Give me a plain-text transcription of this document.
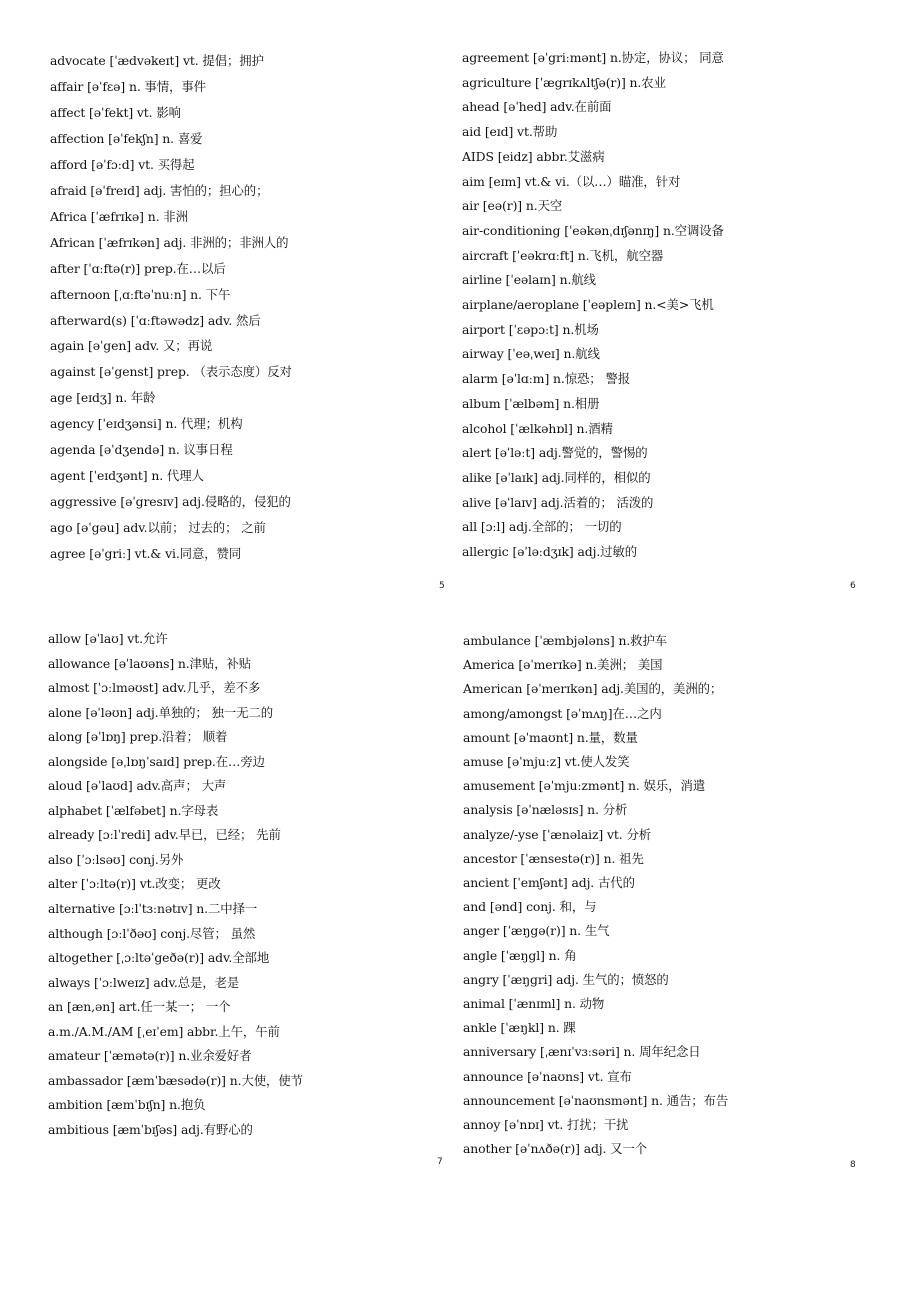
advocate [ˈædvəkeɪt] vt. 提倡；拥护
affair [əˈfɛə] n. 事情，事件
affect [əˈfekt] vt. 影响
affection [əˈfekʃn] n. 喜爱
afford [əˈfɔːd] vt. 买得起
afraid [əˈfreɪd] adj. 害怕的；担心的；
Africa [ˈæfrɪkə] n. 非洲
African [ˈæfrɪkən] adj. 非洲的；非洲人的
after [ˈɑːftə(r)] prep.在…以后
afternoon [ˌɑːftəˈnuːn] n. 下午
afterward(s) [ˈɑːftəwədz] adv. 然后
again [əˈgen] adv. 又；再说
against [əˈgenst] prep. （表示态度）反对
age [eɪdʒ] n. 年龄
agency [ˈeɪdʒənsi] n. 代理；机构
agenda [əˈdʒendə] n. 议事日程
agent [ˈeɪdʒənt] n. 代理人
aggressive [əˈgresɪv] adj.侵略的，侵犯的
ago [əˈgəu] adv.以前； 过去的； 之前
agree [əˈgriː] vt.& vi.同意，赞同
5
agreement [əˈgriːmənt] n.协定，协议； 同意
agriculture [ˈægrɪkʌltʃə(r)] n.农业
ahead [əˈhed] adv.在前面
aid [eɪd] vt.帮助
AIDS [eidz] abbr.艾滋病
aim [eɪm] vt.& vi.（以…）瞄准，针对
air [eə(r)] n.天空
air-conditioning [ˈeəkənˌdɪʃənɪŋ] n.空调设备
aircraft [ˈeəkrɑːft] n.飞机，航空器
airline [ˈeəlaɪn] n.航线
airplane/aeroplane [ˈeəpleɪn] n.<美>飞机
airport [ˈɛəpɔːt] n.机场
airway [ˈeəˌweɪ] n.航线
alarm [əˈlɑːm] n.惊恐； 警报
album [ˈælbəm] n.相册
alcohol [ˈælkəhɒl] n.酒精
alert [əˈləːt] adj.警觉的，警惕的
alike [əˈlaɪk] adj.同样的，相似的
alive [əˈlaɪv] adj.活着的； 活泼的
all [ɔːl] adj.全部的； 一切的
allergic [əˈləːdʒɪk] adj.过敏的
6
allow [əˈlaʊ] vt.允许
allowance [əˈlaʊəns] n.津贴，补贴
almost [ˈɔːlməʊst] adv.几乎，差不多
alone [əˈləʊn] adj.单独的； 独一无二的
along [əˈlɒŋ] prep.沿着； 顺着
alongside [əˌlɒŋˈsaɪd] prep.在…旁边
aloud [əˈlaʊd] adv.高声； 大声
alphabet [ˈælfəbet] n.字母表
already [ɔːlˈredi] adv.早已，已经； 先前
also [ˈɔːlsəʊ] conj.另外
alter [ˈɔːltə(r)] vt.改变； 更改
alternative [ɔːlˈtɜːnətɪv] n.二中择一
although [ɔːlˈðəʊ] conj.尽管； 虽然
altogether [ˌɔːltəˈgeðə(r)] adv.全部地
always [ˈɔːlweɪz] adv.总是，老是
an [æn,ən] art.任一某一； 一个
a.m./A.M./AM [ˌeɪˈem] abbr.上午，午前
amateur [ˈæmətə(r)] n.业余爱好者
ambassador [æmˈbæsədə(r)] n.大使，使节
ambition [æmˈbɪʃn] n.抱负
ambitious [æmˈbɪʃəs] adj.有野心的
7
ambulance [ˈæmbjələns] n.救护车
America [əˈmerɪkə] n.美洲； 美国
American [əˈmerɪkən] adj.美国的，美洲的；
among/amongst [əˈmʌŋ]在…之内
amount [əˈmaʊnt] n.量，数量
amuse [əˈmjuːz] vt.使人发笑
amusement [əˈmjuːzmənt] n. 娱乐，消遣
analysis [əˈnæləsɪs] n. 分析
analyze/-yse [ˈænəlaiz] vt. 分析
ancestor [ˈænsestə(r)] n. 祖先
ancient [ˈemʃənt] adj. 古代的
and [ənd] conj. 和，与
anger [ˈæŋgə(r)] n. 生气
angle [ˈæŋgl] n. 角
angry [ˈæŋgri] adj. 生气的；愤怒的
animal [ˈænɪml] n. 动物
ankle [ˈæŋkl] n. 踝
anniversary [ˌænɪˈvɜːsəri] n. 周年纪念日
announce [əˈnaʊns] vt. 宣布
announcement [əˈnaʊnsmənt] n. 通告；布告
annoy [əˈnɒɪ] vt. 打扰；干扰
another [əˈnʌðə(r)] adj. 又一个
8
